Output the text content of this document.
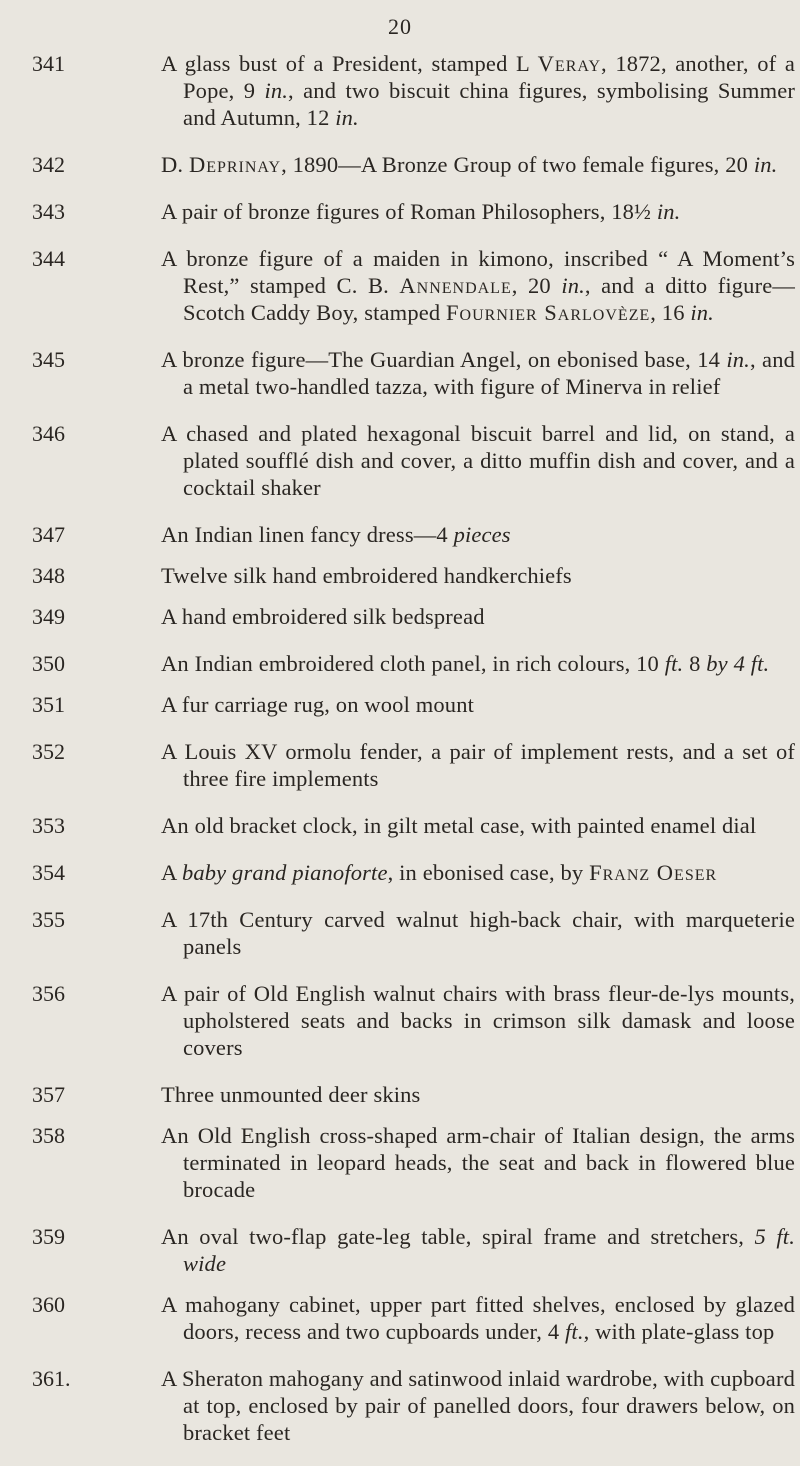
20
341	A glass bust of a President, stamped L Veray, 1872, another, of a Pope, 9 in., and two biscuit china figures, symbolising Summer and Autumn, 12 in.
342	D. Deprinay, 1890—A Bronze Group of two female figures, 20 in.
343	A pair of bronze figures of Roman Philosophers, 18½ in.
344	A bronze figure of a maiden in kimono, inscribed “ A Moment’s Rest,” stamped C. B. Annendale, 20 in., and a ditto figure—Scotch Caddy Boy, stamped Fournier Sarlovèze, 16 in.
345	A bronze figure—The Guardian Angel, on ebonised base, 14 in., and a metal two-handled tazza, with figure of Minerva in relief
346	A chased and plated hexagonal biscuit barrel and lid, on stand, a plated soufflé dish and cover, a ditto muffin dish and cover, and a cocktail shaker
347	An Indian linen fancy dress—4 pieces
348	Twelve silk hand embroidered handkerchiefs
349	A hand embroidered silk bedspread
350	An Indian embroidered cloth panel, in rich colours, 10 ft. 8 by 4 ft.
351	A fur carriage rug, on wool mount
352	A Louis XV ormolu fender, a pair of implement rests, and a set of three fire implements
353	An old bracket clock, in gilt metal case, with painted enamel dial
354	A baby grand pianoforte, in ebonised case, by Franz Oeser
355	A 17th Century carved walnut high-back chair, with marqueterie panels
356	A pair of Old English walnut chairs with brass fleur-de-lys mounts, upholstered seats and backs in crimson silk damask and loose covers
357	Three unmounted deer skins
358	An Old English cross-shaped arm-chair of Italian design, the arms terminated in leopard heads, the seat and back in flowered blue brocade
359	An oval two-flap gate-leg table, spiral frame and stretchers, 5 ft. wide
360	A mahogany cabinet, upper part fitted shelves, enclosed by glazed doors, recess and two cupboards under, 4 ft., with plate-glass top
361.	A Sheraton mahogany and satinwood inlaid wardrobe, with cupboard at top, enclosed by pair of panelled doors, four drawers below, on bracket feet
